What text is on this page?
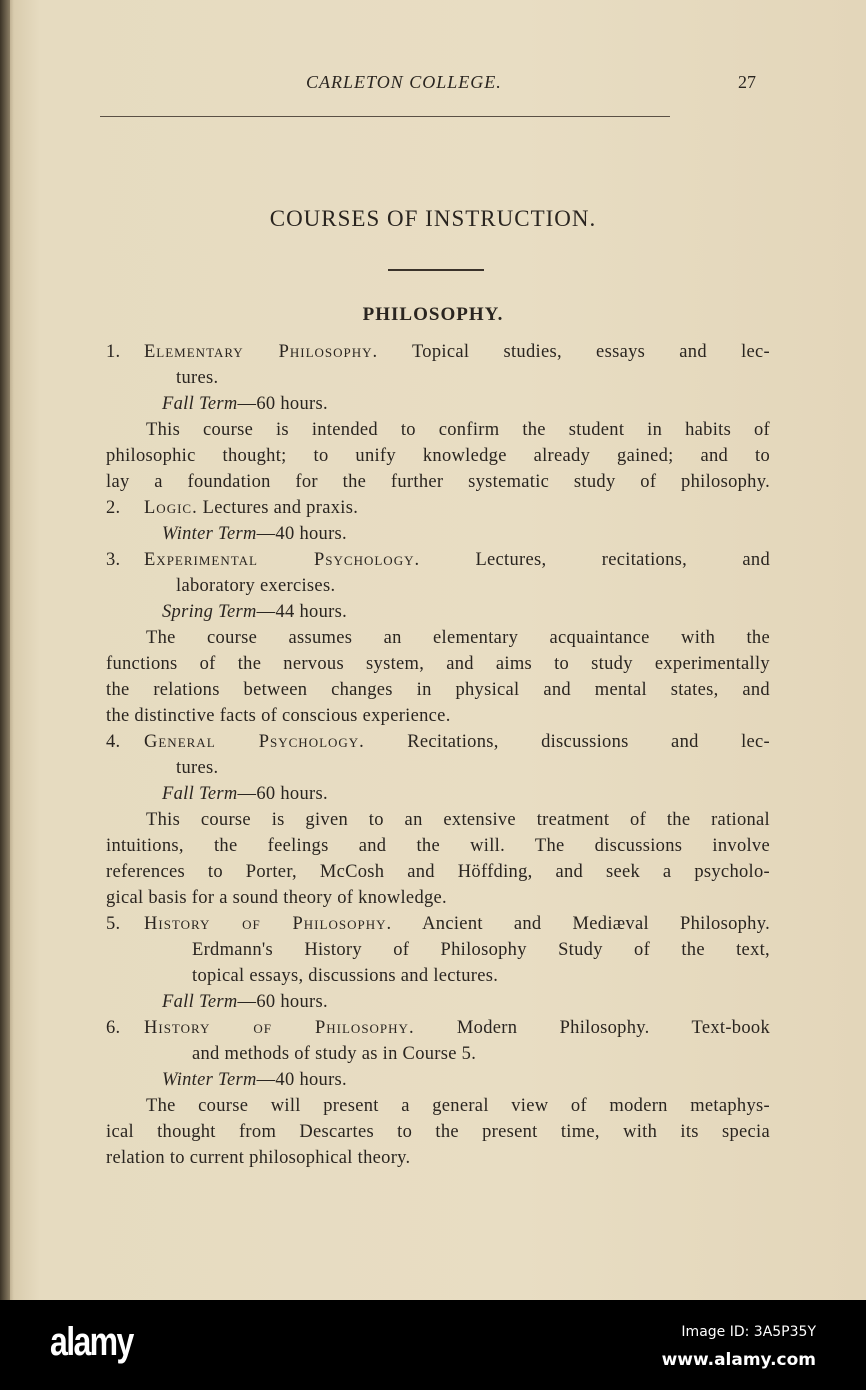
CARLETON COLLEGE.	27
COURSES OF INSTRUCTION.
PHILOSOPHY.
1. Elementary Philosophy. Topical studies, essays and lec-
tures.
Fall Term—60 hours.
This course is intended to confirm the student in habits of
philosophic thought; to unify knowledge already gained; and to
lay a foundation for the further systematic study of philosophy.
2. Logic. Lectures and praxis.
Winter Term—40 hours.
3. Experimental Psychology.	Lectures, recitations, and
laboratory exercises.
Spring Term—44 hours.
The course assumes an elementary acquaintance with the
functions of the nervous system, and aims to study experimentally
the relations between changes in physical and mental states, and
the distinctive facts of conscious experience.
4. General Psychology. Recitations, discussions and lec-
tures.
Fall Term—60 hours.
This course is given to an extensive treatment of the rational
intuitions, the feelings and the will. The discussions involve
references to Porter, McCosh and Höffding, and seek a psycholo-
gical basis for a sound theory of knowledge.
5. History of Philosophy. Ancient and Mediæval Philosophy.
Erdmann's History of Philosophy Study of the text,
topical essays, discussions and lectures.
Fall Term—60 hours.
6. History of Philosophy. Modern Philosophy. Text-book
and methods of study as in Course 5.
Winter Term—40 hours.
The course will present a general view of modern metaphys-
ical thought from Descartes to the present time, with its specia
relation to current philosophical theory.
alamy	Image ID: 3A5P35Y
www.alamy.com
